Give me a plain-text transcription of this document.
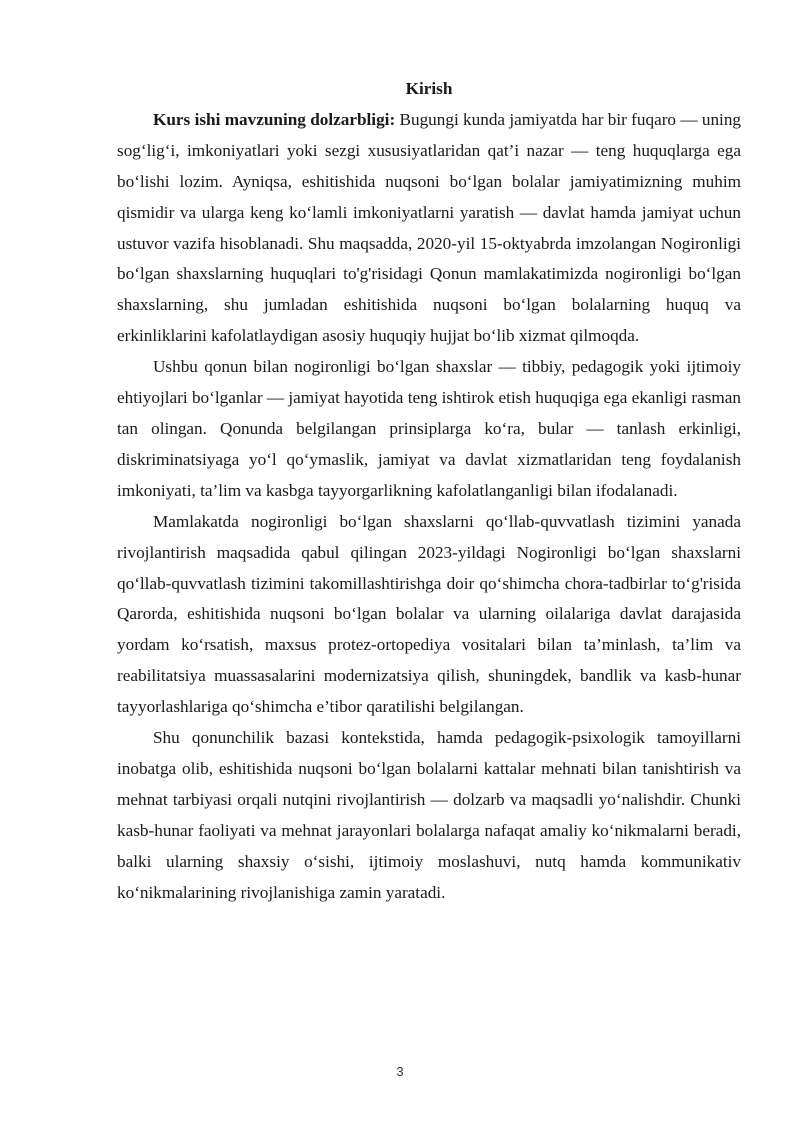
Kirish

Kurs ishi mavzuning dolzarbligi: Bugungi kunda jamiyatda har bir fuqaro — uning sog‘lig‘i, imkoniyatlari yoki sezgi xususiyatlaridan qat’i nazar — teng huquqlarga ega bo‘lishi lozim. Ayniqsa, eshitishida nuqsoni bo‘lgan bolalar jamiyatimizning muhim qismidir va ularga keng ko‘lamli imkoniyatlarni yaratish — davlat hamda jamiyat uchun ustuvor vazifa hisoblanadi. Shu maqsadda, 2020-yil 15-oktyabrda imzolangan Nogironligi bo‘lgan shaxslarning huquqlari to'g'risidagi Qonun mamlakatimizda nogironligi bo‘lgan shaxslarning, shu jumladan eshitishida nuqsoni bo‘lgan bolalarning huquq va erkinliklarini kafolatlaydigan asosiy huquqiy hujjat bo‘lib xizmat qilmoqda.

Ushbu qonun bilan nogironligi bo‘lgan shaxslar — tibbiy, pedagogik yoki ijtimoiy ehtiyojlari bo‘lganlar — jamiyat hayotida teng ishtirok etish huquqiga ega ekanligi rasman tan olingan. Qonunda belgilangan prinsiplarga ko‘ra, bular — tanlash erkinligi, diskriminatsiyaga yo‘l qo‘ymaslik, jamiyat va davlat xizmatlaridan teng foydalanish imkoniyati, ta’lim va kasbga tayyorgarlikning kafolatlanganligi bilan ifodalanadi.

Mamlakatda nogironligi bo‘lgan shaxslarni qo‘llab-quvvatlash tizimini yanada rivojlantirish maqsadida qabul qilingan 2023-yildagi Nogironligi bo‘lgan shaxslarni qo‘llab-quvvatlash tizimini takomillashtirishga doir qo‘shimcha chora-tadbirlar to‘g'risida Qarorda, eshitishida nuqsoni bo‘lgan bolalar va ularning oilalariga davlat darajasida yordam ko‘rsatish, maxsus protez-ortopediya vositalari bilan ta’minlash, ta’lim va reabilitatsiya muassasalarini modernizatsiya qilish, shuningdek, bandlik va kasb-hunar tayyorlashlariga qo‘shimcha e’tibor qaratilishi belgilangan.

Shu qonunchilik bazasi kontekstida, hamda pedagogik-psixologik tamoyillarni inobatga olib, eshitishida nuqsoni bo‘lgan bolalarni kattalar mehnati bilan tanishtirish va mehnat tarbiyasi orqali nutqini rivojlantirish — dolzarb va maqsadli yo‘nalishdir. Chunki kasb-hunar faoliyati va mehnat jarayonlari bolalarga nafaqat amaliy ko‘nikmalarni beradi, balki ularning shaxsiy o‘sishi, ijtimoiy moslashuvi, nutq hamda kommunikativ ko‘nikmalarining rivojlanishiga zamin yaratadi.

3
